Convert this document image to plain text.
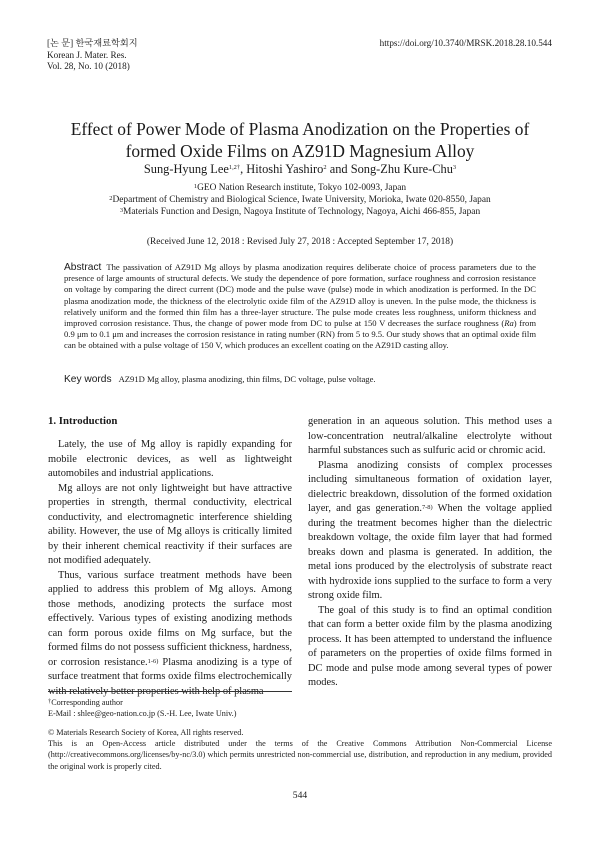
[논 문] 한국재료학회지
Korean J. Mater. Res.
Vol. 28, No. 10 (2018)
https://doi.org/10.3740/MRSK.2018.28.10.544
Effect of Power Mode of Plasma Anodization on the Properties of
formed Oxide Films on AZ91D Magnesium Alloy
Sung-Hyung Lee$^{1,2\dagger}$, Hitoshi Yashiro$^2$ and Song-Zhu Kure-Chu$^3$
$^1$GEO Nation Research institute, Tokyo 102-0093, Japan
$^2$Department of Chemistry and Biological Science, Iwate University, Morioka, Iwate 020-8550, Japan
$^3$Materials Function and Design, Nagoya Institute of Technology, Nagoya, Aichi 466-855, Japan
(Received June 12, 2018 : Revised July 27, 2018 : Accepted September 17, 2018)
Abstract The passivation of AZ91D Mg alloys by plasma anodization requires deliberate choice of process parameters due to the presence of large amounts of structural defects. We study the dependence of pore formation, surface roughness and corrosion resistance on voltage by comparing the direct current (DC) mode and the pulse wave (pulse) mode in which anodization is performed. In the DC plasma anodization mode, the thickness of the electrolytic oxide film of the AZ91D alloy is uneven. In the pulse mode, the thickness is relatively uniform and the formed thin film has a three-layer structure. The pulse mode creates less roughness, uniform thickness and improved corrosion resistance. Thus, the change of power mode from DC to pulse at 150 V decreases the surface roughness (Ra) from 0.9 μm to 0.1 μm and increases the corrosion resistance in rating number (RN) from 5 to 9.5. Our study shows that an optimal oxide film can be obtained with a pulse voltage of 150 V, which produces an excellent coating on the AZ91D casting alloy.
Key words AZ91D Mg alloy, plasma anodizing, thin films, DC voltage, pulse voltage.
1. Introduction

Lately, the use of Mg alloy is rapidly expanding for mobile electronic devices, as well as lightweight automobiles and industrial applications.

Mg alloys are not only lightweight but have attractive properties in strength, thermal conductivity, electrical conductivity, and electromagnetic interference shielding ability. However, the use of Mg alloys is critically limited by their inherent chemical reactivity if their surfaces are not modified adequately.

Thus, various surface treatment methods have been applied to address this problem of Mg alloys. Among those methods, anodizing protects the surface most effectively. Various types of existing anodizing methods can form porous oxide films on Mg surface, but the formed films do not possess sufficient thickness, hardness, or corrosion resistance.$^{1-6)}$ Plasma anodizing is a type of surface treatment that forms oxide films electrochemically with relatively better properties with help of plasma

generation in an aqueous solution. This method uses a low-concentration neutral/alkaline electrolyte without harmful substances such as sulfuric acid or chromic acid.

Plasma anodizing consists of complex processes including simultaneous formation of oxidation layer, dielectric breakdown, dissolution of the formed oxidation layer, and gas generation.$^{7-8)}$ When the voltage applied during the treatment becomes higher than the dielectric breakdown voltage, the oxide film layer that had formed breaks down and plasma is generated. In addition, the metal ions produced by the electrolysis of substrate react with hydroxide ions supplied to the surface to form a very strong oxide film.

The goal of this study is to find an optimal condition that can form a better oxide film by the plasma anodizing process. It has been attempted to understand the influence of parameters on the properties of oxide films formed in DC mode and pulse mode among several types of power modes.

†Corresponding author
E-Mail : shlee@geo-nation.co.jp (S.-H. Lee, Iwate Univ.)
© Materials Research Society of Korea, All rights reserved.
This is an Open-Access article distributed under the terms of the Creative Commons Attribution Non-Commercial License (http://creativecommons.org/licenses/by-nc/3.0) which permits unrestricted non-commercial use, distribution, and reproduction in any medium, provided the original work is properly cited.
544
